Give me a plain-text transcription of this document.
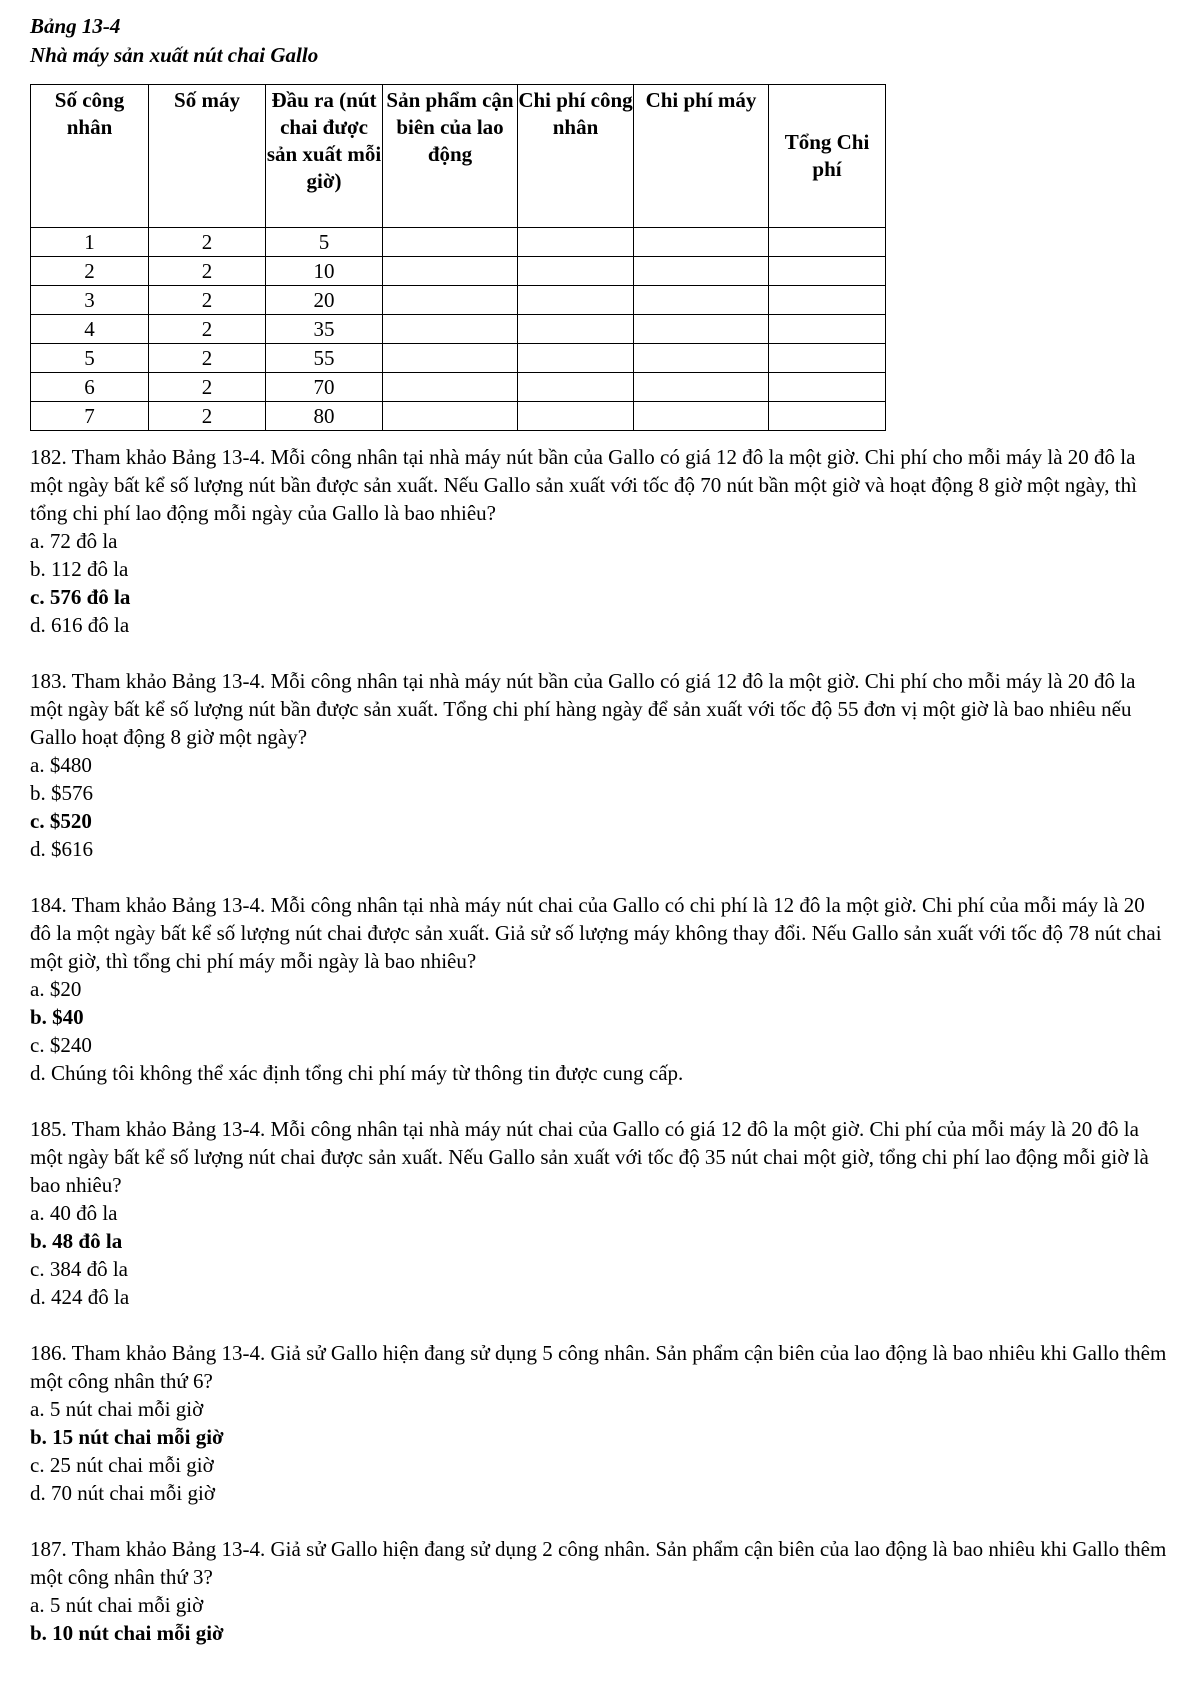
Bảng 13-4
Nhà máy sản xuất nút chai Gallo
Số công nhân	Số máy	Đầu ra (nút chai được sản xuất mỗi giờ)	Sản phẩm cận biên của lao động	Chi phí công nhân	Chi phí máy	Tổng Chi phí
1	2	5				
2	2	10				
3	2	20				
4	2	35				
5	2	55				
6	2	70				
7	2	80				

182. Tham khảo Bảng 13-4. Mỗi công nhân tại nhà máy nút bần của Gallo có giá 12 đô la một giờ. Chi phí cho mỗi máy là 20 đô la một ngày bất kể số lượng nút bần được sản xuất. Nếu Gallo sản xuất với tốc độ 70 nút bần một giờ và hoạt động 8 giờ một ngày, thì tổng chi phí lao động mỗi ngày của Gallo là bao nhiêu?

a. 72 đô la
b. 112 đô la
c. 576 đô la
d. 616 đô la

183. Tham khảo Bảng 13-4. Mỗi công nhân tại nhà máy nút bần của Gallo có giá 12 đô la một giờ. Chi phí cho mỗi máy là 20 đô la một ngày bất kể số lượng nút bần được sản xuất. Tổng chi phí hàng ngày để sản xuất với tốc độ 55 đơn vị một giờ là bao nhiêu nếu Gallo hoạt động 8 giờ một ngày?

a. $480
b. $576
c. $520
d. $616

184. Tham khảo Bảng 13-4. Mỗi công nhân tại nhà máy nút chai của Gallo có chi phí là 12 đô la một giờ. Chi phí của mỗi máy là 20 đô la một ngày bất kể số lượng nút chai được sản xuất. Giả sử số lượng máy không thay đổi. Nếu Gallo sản xuất với tốc độ 78 nút chai một giờ, thì tổng chi phí máy mỗi ngày là bao nhiêu?

a. $20
b. $40
c. $240
d. Chúng tôi không thể xác định tổng chi phí máy từ thông tin được cung cấp.

185. Tham khảo Bảng 13-4. Mỗi công nhân tại nhà máy nút chai của Gallo có giá 12 đô la một giờ. Chi phí của mỗi máy là 20 đô la một ngày bất kể số lượng nút chai được sản xuất. Nếu Gallo sản xuất với tốc độ 35 nút chai một giờ, tổng chi phí lao động mỗi giờ là bao nhiêu?

a. 40 đô la
b. 48 đô la
c. 384 đô la
d. 424 đô la

186. Tham khảo Bảng 13-4. Giả sử Gallo hiện đang sử dụng 5 công nhân. Sản phẩm cận biên của lao động là bao nhiêu khi Gallo thêm một công nhân thứ 6?

a. 5 nút chai mỗi giờ
b. 15 nút chai mỗi giờ
c. 25 nút chai mỗi giờ
d. 70 nút chai mỗi giờ

187. Tham khảo Bảng 13-4. Giả sử Gallo hiện đang sử dụng 2 công nhân. Sản phẩm cận biên của lao động là bao nhiêu khi Gallo thêm một công nhân thứ 3?

a. 5 nút chai mỗi giờ
b. 10 nút chai mỗi giờ
